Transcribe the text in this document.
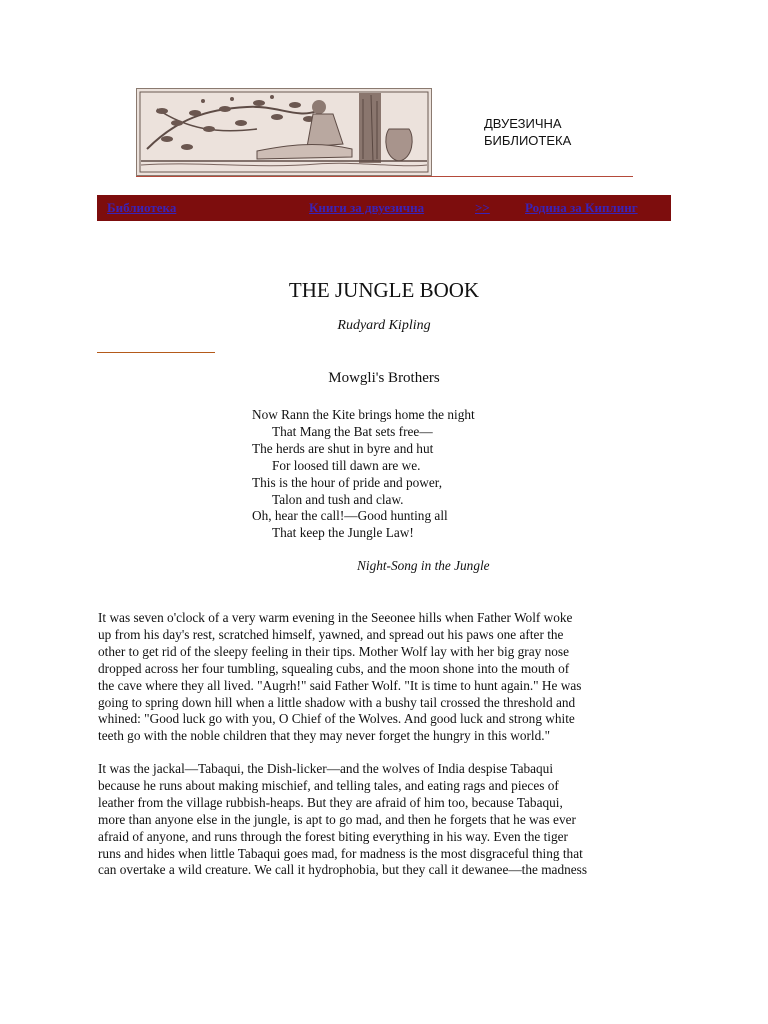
ДВУЕЗИЧНА
БИБЛИОТЕКА
Библиотека	Книги за двуезична	>>	Родина за Киплинг
THE JUNGLE BOOK
Rudyard Kipling
Mowgli's Brothers
Now Rann the Kite brings home the night
That Mang the Bat sets free—
The herds are shut in byre and hut
For loosed till dawn are we.
This is the hour of pride and power,
Talon and tush and claw.
Oh, hear the call!—Good hunting all
That keep the Jungle Law!
Night-Song in the Jungle
It was seven o'clock of a very warm evening in the Seeonee hills when Father Wolf woke
up from his day's rest, scratched himself, yawned, and spread out his paws one after the
other to get rid of the sleepy feeling in their tips. Mother Wolf lay with her big gray nose
dropped across her four tumbling, squealing cubs, and the moon shone into the mouth of
the cave where they all lived. "Augrh!" said Father Wolf. "It is time to hunt again." He was
going to spring down hill when a little shadow with a bushy tail crossed the threshold and
whined: "Good luck go with you, O Chief of the Wolves. And good luck and strong white
teeth go with the noble children that they may never forget the hungry in this world."
It was the jackal—Tabaqui, the Dish-licker—and the wolves of India despise Tabaqui
because he runs about making mischief, and telling tales, and eating rags and pieces of
leather from the village rubbish-heaps. But they are afraid of him too, because Tabaqui,
more than anyone else in the jungle, is apt to go mad, and then he forgets that he was ever
afraid of anyone, and runs through the forest biting everything in his way. Even the tiger
runs and hides when little Tabaqui goes mad, for madness is the most disgraceful thing that
can overtake a wild creature. We call it hydrophobia, but they call it dewanee—the madness
